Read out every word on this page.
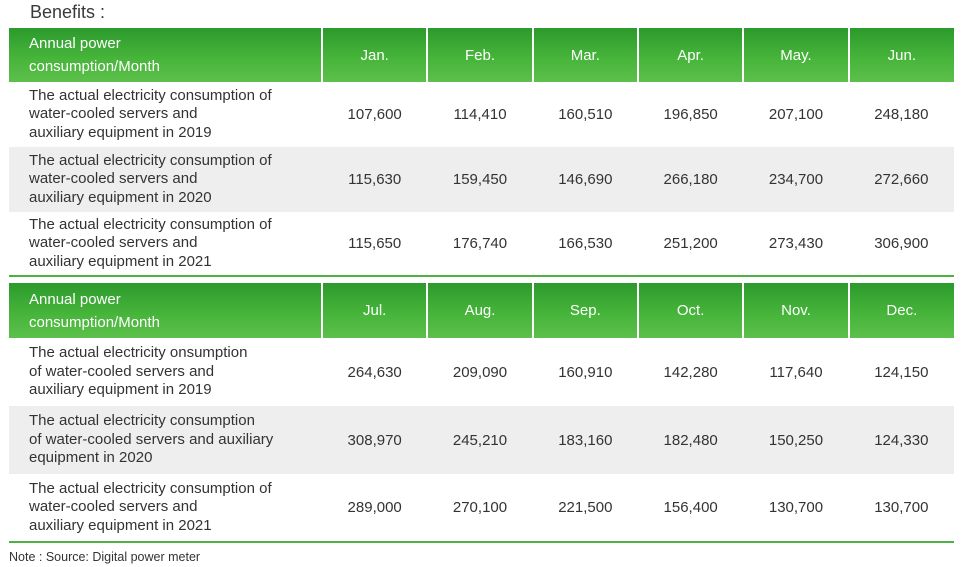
Benefits :
Annual power
consumption/Month	Jan.	Feb.	Mar.	Apr.	May.	Jun.
The actual electricity consumption of
water-cooled servers and
auxiliary equipment in 2019	107,600	114,410	160,510	196,850	207,100	248,180
The actual electricity consumption of
water-cooled servers and
auxiliary equipment in 2020	115,630	159,450	146,690	266,180	234,700	272,660
The actual electricity consumption of
water-cooled servers and
auxiliary equipment in 2021	115,650	176,740	166,530	251,200	273,430	306,900
Annual power
consumption/Month	Jul.	Aug.	Sep.	Oct.	Nov.	Dec.
The actual electricity onsumption
of water-cooled servers and
auxiliary equipment in 2019	264,630	209,090	160,910	142,280	117,640	124,150
The actual electricity consumption
of water-cooled servers and auxiliary
equipment in 2020	308,970	245,210	183,160	182,480	150,250	124,330
The actual electricity consumption of
water-cooled servers and
auxiliary equipment in 2021	289,000	270,100	221,500	156,400	130,700	130,700
Note : Source: Digital power meter
